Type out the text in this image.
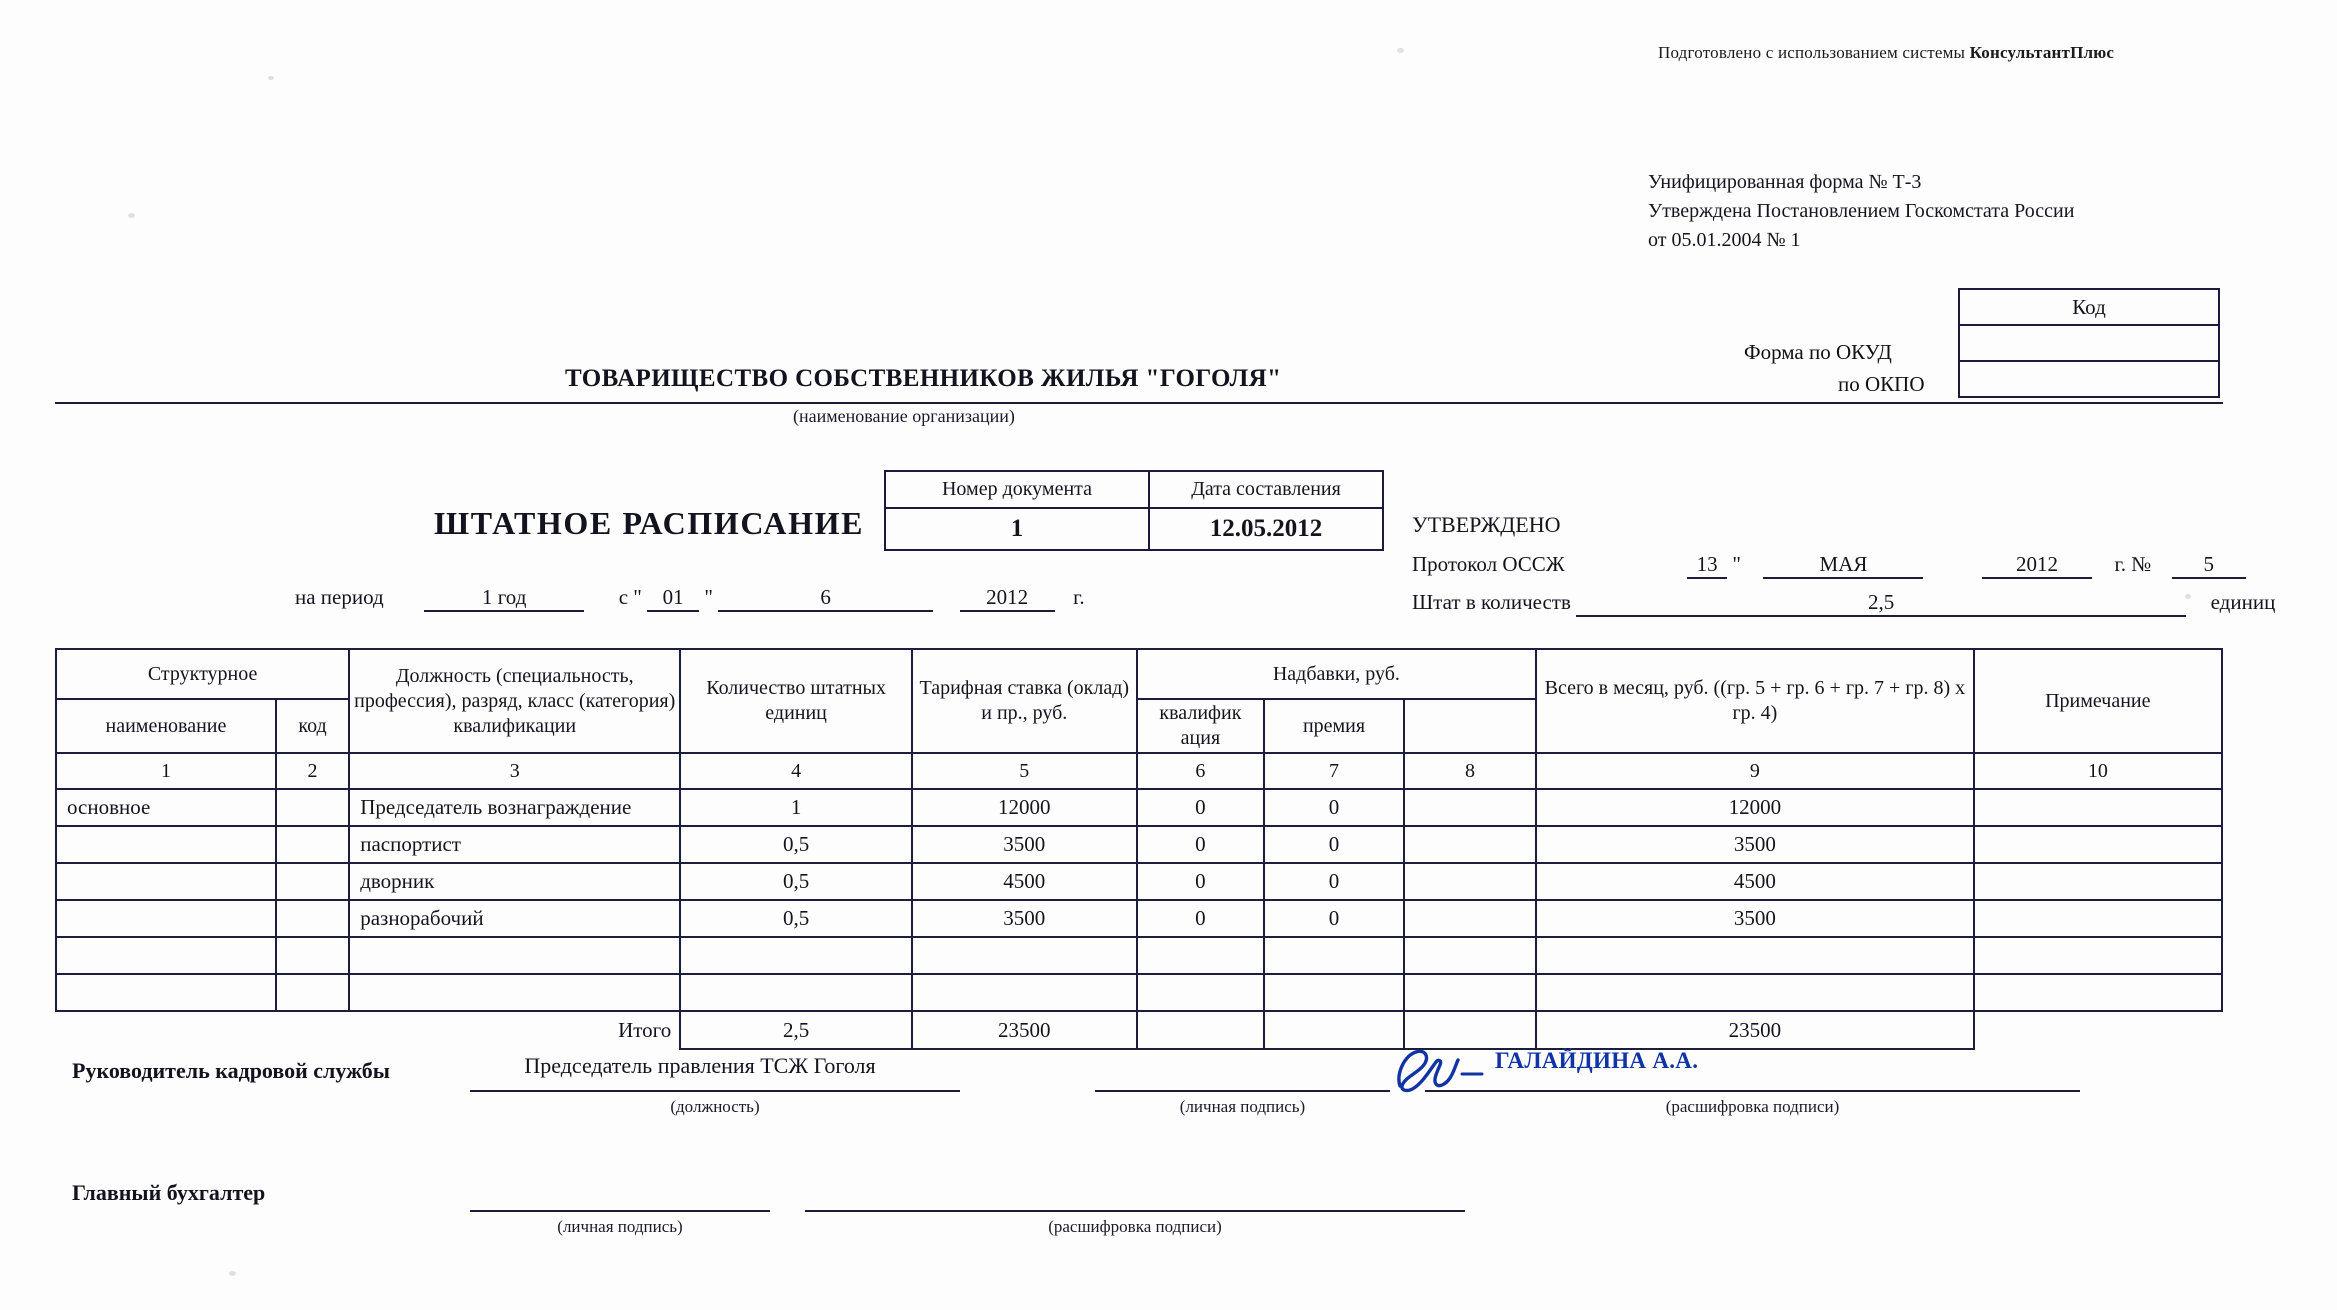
Подготовлено с использованием системы КонсультантПлюс
Унифицированная форма № Т-3
Утверждена Постановлением Госкомстата России
от 05.01.2004 № 1
Код

Форма по ОКУД
по ОКПО
ТОВАРИЩЕСТВО СОБСТВЕННИКОВ ЖИЛЬЯ "ГОГОЛЯ"
(наименование организации)
ШТАТНОЕ РАСПИСАНИЕ
Номер документа	Дата составления
1	12.05.2012
на период	1 год	с " 01 "	6	2012 г.
УТВЕРЖДЕНО
Протокол ОССЖ	13 "	МАЯ	2012	г. № 5
Штат в количеств	2,5	единиц
Структурное		Должность (специальность, профессия), разряд, класс (категория) квалификации	Количество штатных единиц	Тарифная ставка (оклад) и пр., руб.	Надбавки, руб.			Всего в месяц, руб. ((гр. 5 + гр. 6 + гр. 7 + гр. 8) х гр. 4)	Примечание
наименование	код				квалифик ация	премия			
1	2	3	4	5	6	7	8	9	10
основное		Председатель вознаграждение	1	12000	0	0		12000	
		паспортист	0,5	3500	0	0		3500	
		дворник	0,5	4500	0	0		4500	
		разнорабочий	0,5	3500	0	0		3500	

		Итого	2,5	23500				23500	
Руководитель кадровой службы	Председатель правления ТСЖ Гоголя
(должность)	(личная подпись)
ГАЛАЙДИНА А.А.
(расшифровка подписи)
Главный бухгалтер
(личная подпись)	(расшифровка подписи)
